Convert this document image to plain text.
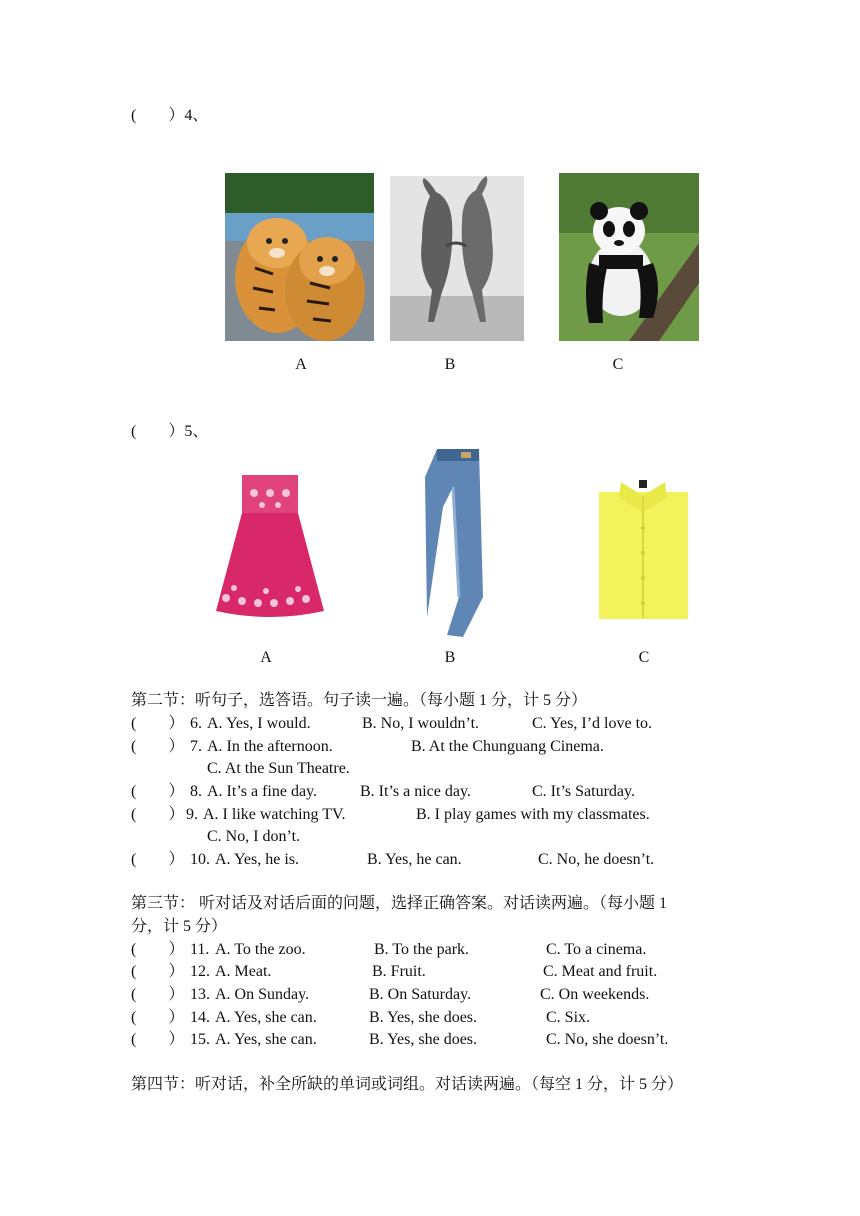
(　　）4、
A	B	C
(　　）5、
A	B	C
第二节：听句子，选答语。句子读一遍。（每小题 1 分，计 5 分）
(　　） 6. A. Yes, I would.	B. No, I wouldn’t.	C. Yes, I’d love to.
(　　） 7. A. In the afternoon.	B. At the Chunguang Cinema.
C. At the Sun Theatre.
(　　） 8. A. It’s a fine day.	B. It’s a nice day.	C. It’s Saturday.
(　　） 9. A. I like watching TV.	B. I play games with my classmates.
C. No, I don’t.
(　　） 10. A. Yes, he is.	B. Yes, he can.	C. No, he doesn’t.
第三节： 听对话及对话后面的问题，选择正确答案。对话读两遍。（每小题 1
分，计 5 分）
(　　） 11. A. To the zoo.	B. To the park.	C. To a cinema.
(　　） 12. A. Meat.	B. Fruit.	C. Meat and fruit.
(　　） 13. A. On Sunday.	B. On Saturday.	C. On weekends.
(　　） 14. A. Yes, she can.	B. Yes, she does.	C. Six.
(　　） 15. A. Yes, she can.	B. Yes, she does.	C. No, she doesn’t.
第四节：听对话，补全所缺的单词或词组。对话读两遍。（每空 1 分，计 5 分）
